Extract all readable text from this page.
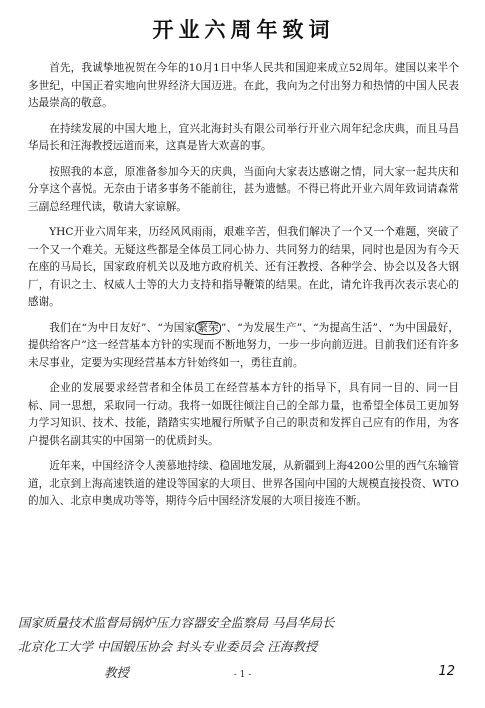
开业六周年致词

首先，我诚挚地祝贺在今年的10月1日中华人民共和国迎来成立52周年。建国以来半个多世纪，中国正着实地向世界经济大国迈进。在此，我向为之付出努力和热情的中国人民表达最崇高的敬意。

在持续发展的中国大地上，宜兴北海封头有限公司举行开业六周年纪念庆典，而且马昌华局长和汪海教授远道而来，这真是皆大欢喜的事。

按照我的本意，原准备参加今天的庆典，当面向大家表达感谢之情，同大家一起共庆和分享这个喜悦。无奈由于诸多事务不能前往，甚为遗憾。不得已将此开业六周年致词请森常三副总经理代读，敬请大家谅解。

YHC开业六周年来，历经风风雨雨，艰难辛苦，但我们解决了一个又一个难题，突破了一个又一个难关。无疑这些都是全体员工同心协力、共同努力的结果，同时也是因为有今天在座的马局长，国家政府机关以及地方政府机关、还有汪教授、各种学会、协会以及各大钢厂，有识之士、权威人士等的大力支持和指导鞭策的结果。在此，请允许我再次表示衷心的感谢。

我们在“为中日友好”、“为国家 繁荣 ”、“为发展生产”、“为提高生活”、“为中国最好，提供给客户”这一经营基本方针的实现而不断地努力，一步一步向前迈进。目前我们还有许多未尽事业，定要为实现经营基本方针始终如一，勇往直前。

企业的发展要求经营者和全体员工在经营基本方针的指导下，具有同一目的、同一目标、同一思想，采取同一行动。我将一如既往倾注自己的全部力量，也希望全体员工更加努力学习知识、技术、技能，踏踏实实地履行所赋予自己的职责和发挥自己应有的作用，为客户提供名副其实的中国第一的优质封头。

近年来，中国经济令人羡慕地持续、稳固地发展，从新疆到上海4200公里的西气东输管道，北京到上海高速铁道的建设等国家的大项目、世界各国向中国的大规模直接投资、WTO的加入、北京申奥成功等等，期待今后中国经济发展的大项目接连不断。

国家质量技术监督局锅炉压力容器安全监察局 马昌华局长
北京化工大学 中国锻压协会 封头专业委员会 汪海教授
教授	12
- 1 -
